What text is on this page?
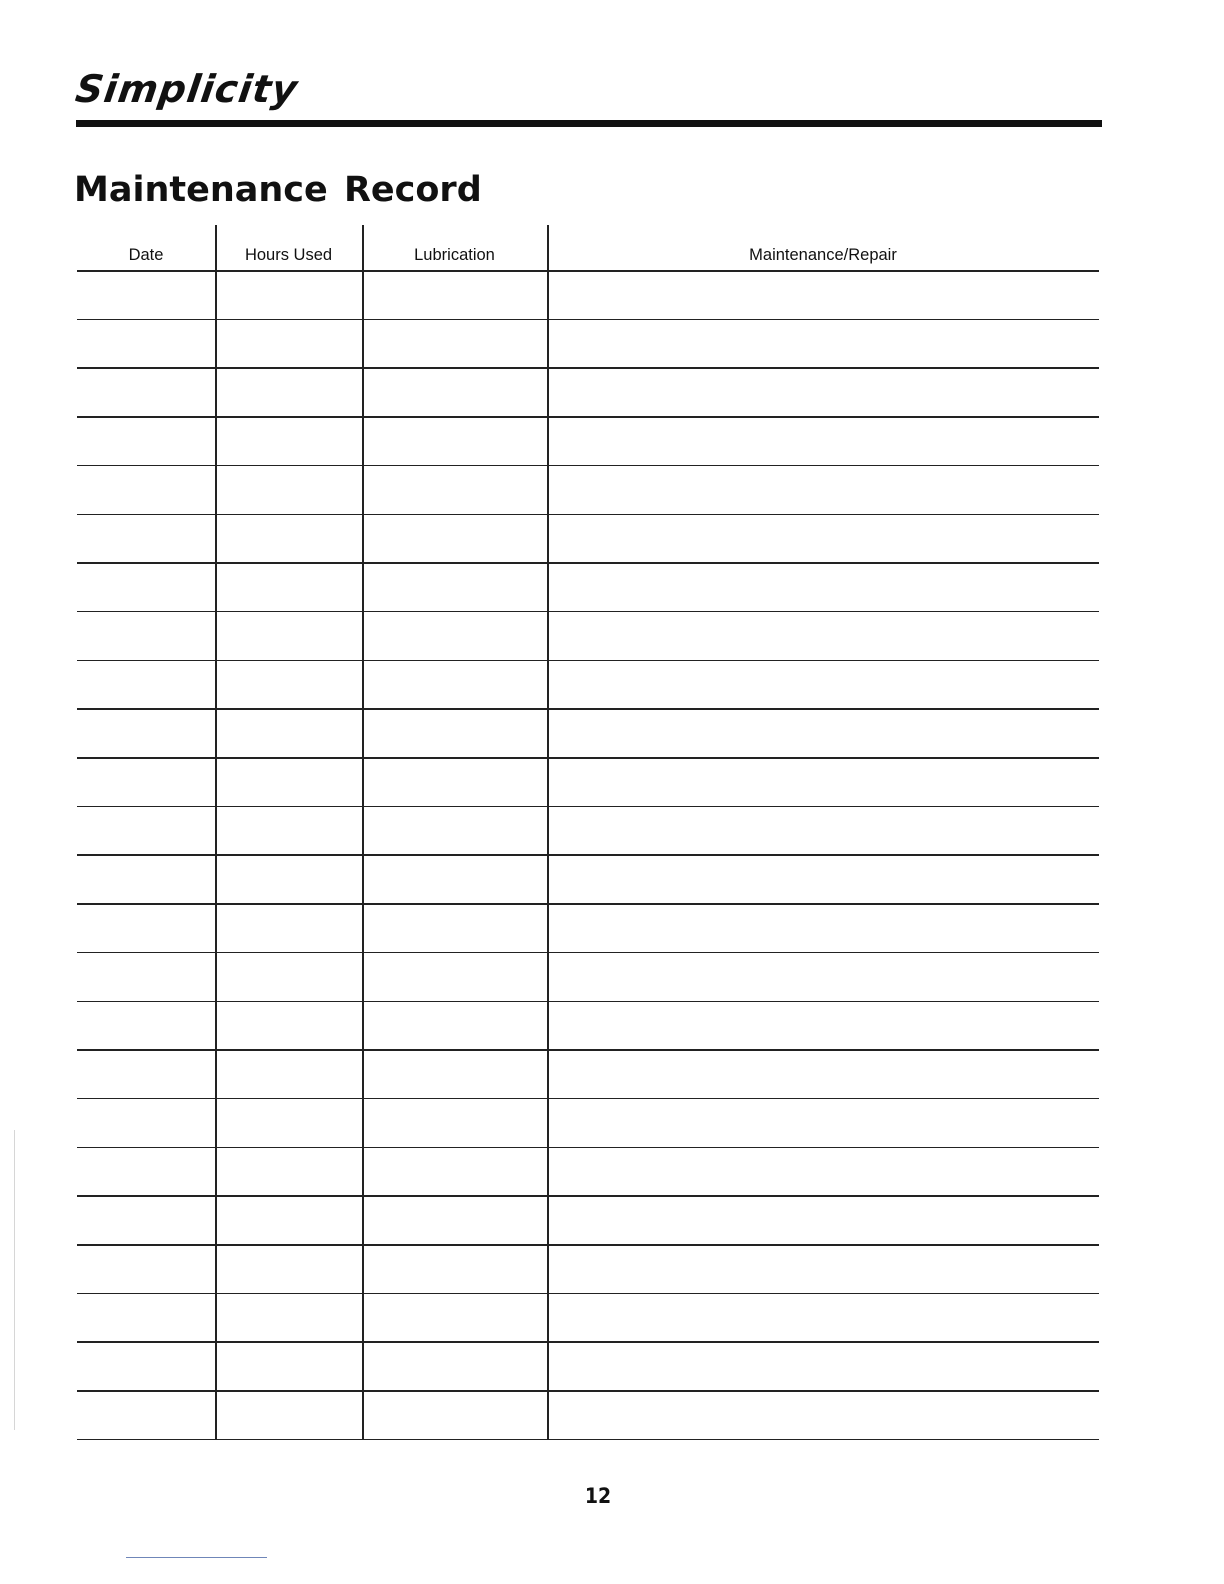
Simplicity
Maintenance Record
Date	Hours Used	Lubrication	Maintenance/Repair
12
